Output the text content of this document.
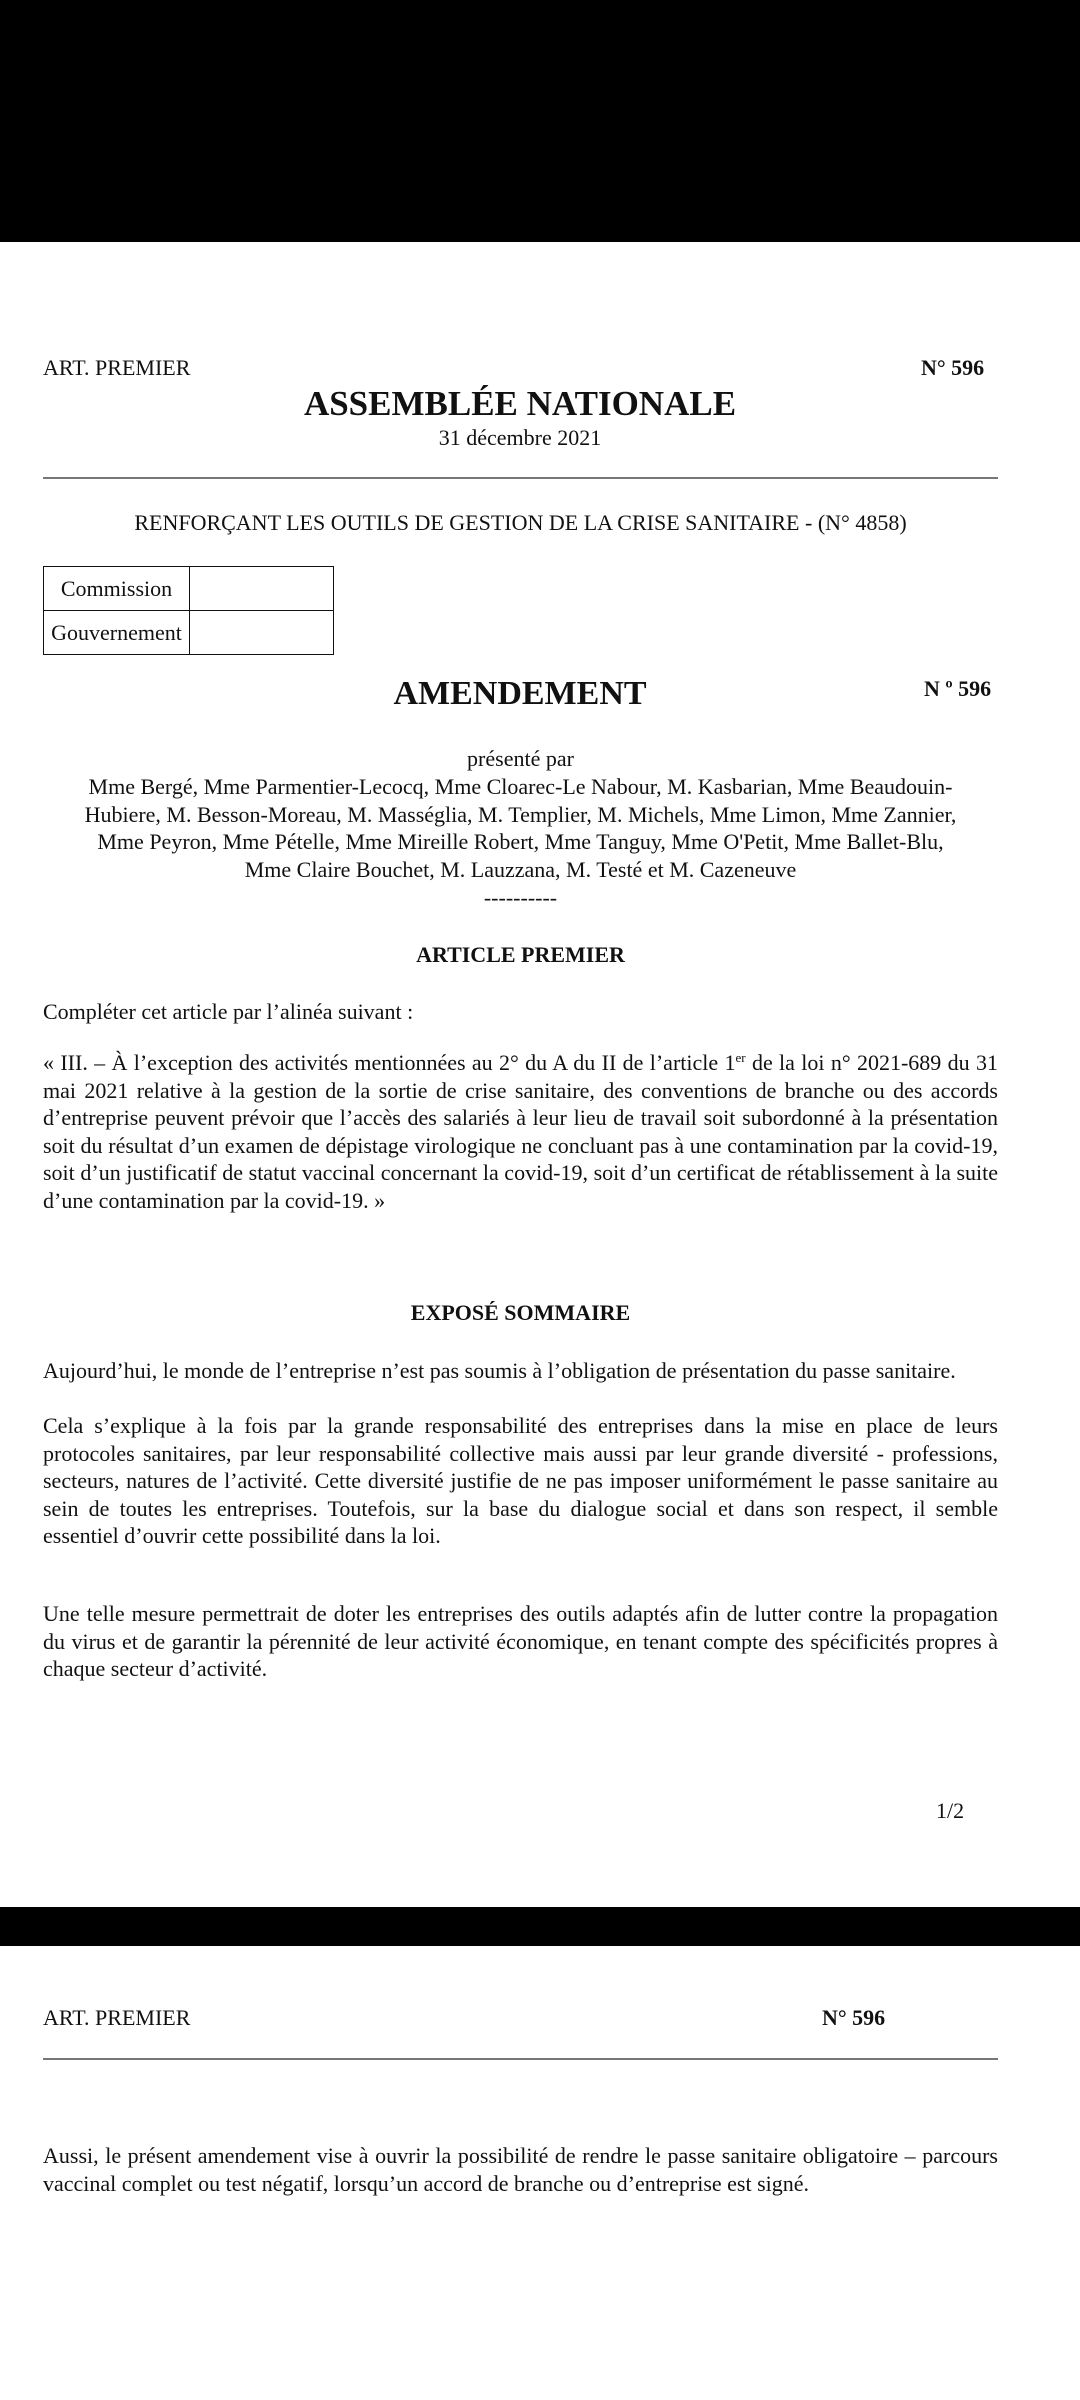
ART. PREMIER	N° 596
ASSEMBLÉE NATIONALE
31 décembre 2021
RENFORÇANT LES OUTILS DE GESTION DE LA CRISE SANITAIRE - (N° 4858)
Commission	
Gouvernement	
AMENDEMENT	N º 596
présenté par
Mme Bergé, Mme Parmentier-Lecocq, Mme Cloarec-Le Nabour, M. Kasbarian, Mme Beaudouin-
Hubiere, M. Besson-Moreau, M. Masséglia, M. Templier, M. Michels, Mme Limon, Mme Zannier,
Mme Peyron, Mme Pételle, Mme Mireille Robert, Mme Tanguy, Mme O'Petit, Mme Ballet-Blu,
Mme Claire Bouchet, M. Lauzzana, M. Testé et M. Cazeneuve
----------
ARTICLE PREMIER
Compléter cet article par l’alinéa suivant :
« III. – À l’exception des activités mentionnées au 2° du A du II de l’article 1er de la loi n° 2021-689 du 31 mai 2021 relative à la gestion de la sortie de crise sanitaire, des conventions de branche ou des accords d’entreprise peuvent prévoir que l’accès des salariés à leur lieu de travail soit subordonné à la présentation soit du résultat d’un examen de dépistage virologique ne concluant pas à une contamination par la covid-19, soit d’un justificatif de statut vaccinal concernant la covid-19, soit d’un certificat de rétablissement à la suite d’une contamination par la covid-19. »
EXPOSÉ SOMMAIRE
Aujourd’hui, le monde de l’entreprise n’est pas soumis à l’obligation de présentation du passe sanitaire.
Cela s’explique à la fois par la grande responsabilité des entreprises dans la mise en place de leurs protocoles sanitaires, par leur responsabilité collective mais aussi par leur grande diversité - professions, secteurs, natures de l’activité. Cette diversité justifie de ne pas imposer uniformément le passe sanitaire au sein de toutes les entreprises. Toutefois, sur la base du dialogue social et dans son respect, il semble essentiel d’ouvrir cette possibilité dans la loi.
Une telle mesure permettrait de doter les entreprises des outils adaptés afin de lutter contre la propagation du virus et de garantir la pérennité de leur activité économique, en tenant compte des spécificités propres à chaque secteur d’activité.
1/2
ART. PREMIER	N° 596
Aussi, le présent amendement vise à ouvrir la possibilité de rendre le passe sanitaire obligatoire – parcours vaccinal complet ou test négatif, lorsqu’un accord de branche ou d’entreprise est signé.
